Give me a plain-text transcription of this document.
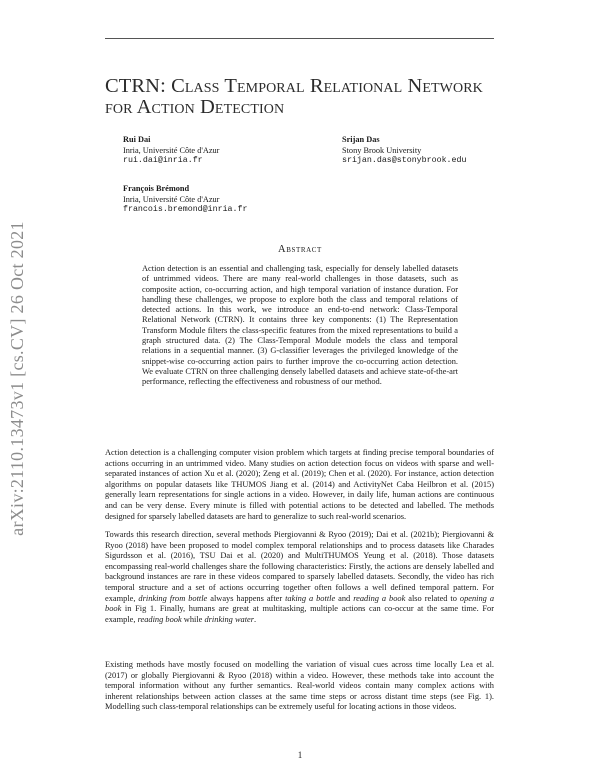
arXiv:2110.13473v1 [cs.CV] 26 Oct 2021
CTRN: Class Temporal Relational Network
for Action Detection
Rui Dai
Inria, Université Côte d'Azur
rui.dai@inria.fr
Srijan Das
Stony Brook University
srijan.das@stonybrook.edu
François Brémond
Inria, Université Côte d'Azur
francois.bremond@inria.fr
Abstract
Action detection is an essential and challenging task, especially for densely labelled datasets of untrimmed videos. There are many real-world challenges in those datasets, such as composite action, co-occurring action, and high temporal variation of instance duration. For handling these challenges, we propose to explore both the class and temporal relations of detected actions. In this work, we introduce an end-to-end network: Class-Temporal Relational Network (CTRN). It contains three key components: (1) The Representation Transform Module filters the class-specific features from the mixed representations to build a graph structured data. (2) The Class-Temporal Module models the class and temporal relations in a sequential manner. (3) G-classifier leverages the privileged knowledge of the snippet-wise co-occurring action pairs to further improve the co-occurring action detection. We evaluate CTRN on three challenging densely labelled datasets and achieve state-of-the-art performance, reflecting the effectiveness and robustness of our method.
Action detection is a challenging computer vision problem which targets at finding precise temporal boundaries of actions occurring in an untrimmed video. Many studies on action detection focus on videos with sparse and well-separated instances of action Xu et al. (2020); Zeng et al. (2019); Chen et al. (2020). For instance, action detection algorithms on popular datasets like THUMOS Jiang et al. (2014) and ActivityNet Caba Heilbron et al. (2015) generally learn representations for single actions in a video. However, in daily life, human actions are continuous and can be very dense. Every minute is filled with potential actions to be detected and labelled. The methods designed for sparsely labelled datasets are hard to generalize to such real-world scenarios.
Towards this research direction, several methods Piergiovanni & Ryoo (2019); Dai et al. (2021b); Piergiovanni & Ryoo (2018) have been proposed to model complex temporal relationships and to process datasets like Charades Sigurdsson et al. (2016), TSU Dai et al. (2020) and MultiTHUMOS Yeung et al. (2018). Those datasets encompassing real-world challenges share the following characteristics: Firstly, the actions are densely labelled and background instances are rare in these videos compared to sparsely labelled datasets. Secondly, the video has rich temporal structure and a set of actions occurring together often follows a well defined temporal pattern. For example, drinking from bottle always happens after taking a bottle and reading a book also related to opening a book in Fig 1. Finally, humans are great at multitasking, multiple actions can co-occur at the same time. For example, reading book while drinking water.
Existing methods have mostly focused on modelling the variation of visual cues across time locally Lea et al. (2017) or globally Piergiovanni & Ryoo (2018) within a video. However, these methods take into account the temporal information without any further semantics. Real-world videos contain many complex actions with inherent relationships between action classes at the same time steps or across distant time steps (see Fig. 1). Modelling such class-temporal relationships can be extremely useful for locating actions in those videos.
1
